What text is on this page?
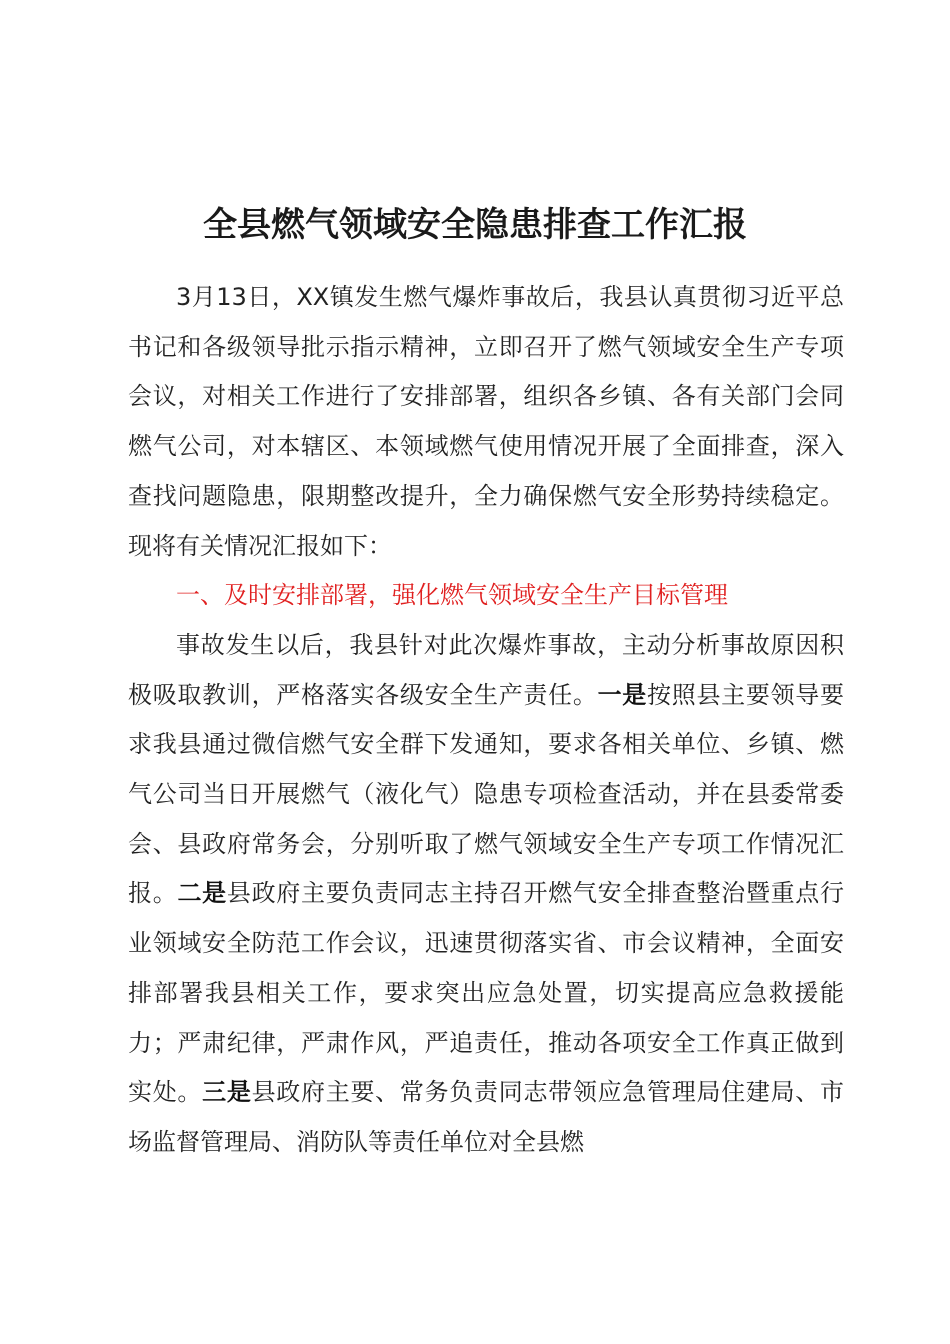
全县燃气领域安全隐患排查工作汇报

3月13日，XX镇发生燃气爆炸事故后，我县认真贯彻习近平总书记和各级领导批示指示精神，立即召开了燃气领域安全生产专项会议，对相关工作进行了安排部署，组织各乡镇、各有关部门会同燃气公司，对本辖区、本领域燃气使用情况开展了全面排查，深入查找问题隐患，限期整改提升，全力确保燃气安全形势持续稳定。现将有关情况汇报如下：

一、及时安排部署，强化燃气领域安全生产目标管理

事故发生以后，我县针对此次爆炸事故，主动分析事故原因积极吸取教训，严格落实各级安全生产责任。一是按照县主要领导要求我县通过微信燃气安全群下发通知，要求各相关单位、乡镇、燃气公司当日开展燃气（液化气）隐患专项检查活动，并在县委常委会、县政府常务会，分别听取了燃气领域安全生产专项工作情况汇报。二是县政府主要负责同志主持召开燃气安全排查整治暨重点行业领域安全防范工作会议，迅速贯彻落实省、市会议精神，全面安排部署我县相关工作，要求突出应急处置，切实提高应急救援能力；严肃纪律，严肃作风，严追责任，推动各项安全工作真正做到实处。三是县政府主要、常务负责同志带领应急管理局住建局、市场监督管理局、消防队等责任单位对全县燃
